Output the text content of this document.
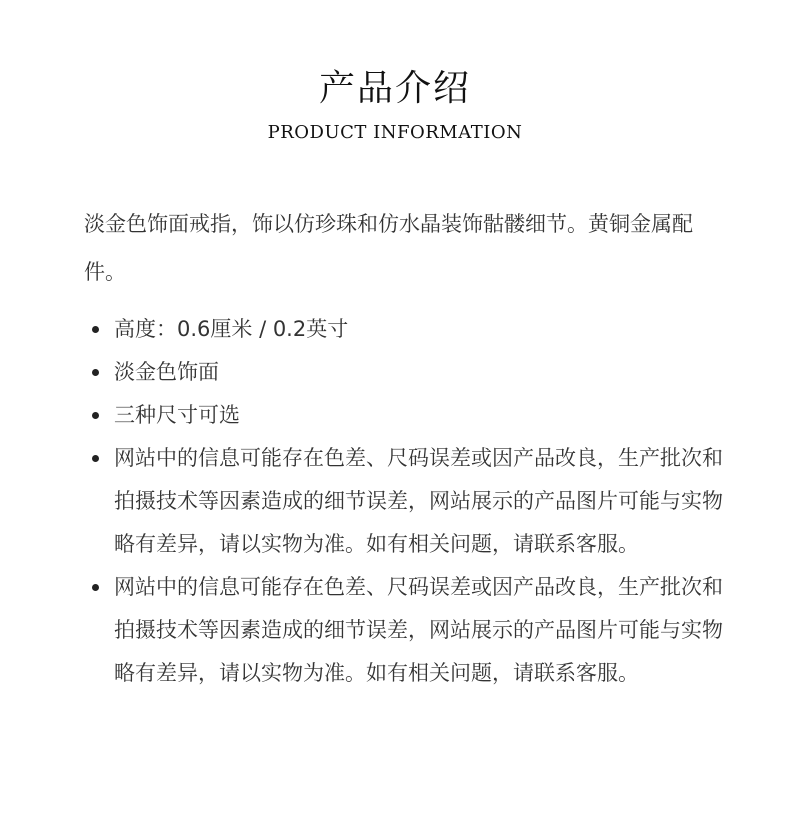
产品介绍
PRODUCT INFORMATION

淡金色饰面戒指，饰以仿珍珠和仿水晶装饰骷髅细节。黄铜金属配件。

高度：0.6厘米 / 0.2英寸
淡金色饰面
三种尺寸可选
网站中的信息可能存在色差、尺码误差或因产品改良，生产批次和拍摄技术等因素造成的细节误差，网站展示的产品图片可能与实物略有差异，请以实物为准。如有相关问题，请联系客服。
网站中的信息可能存在色差、尺码误差或因产品改良，生产批次和拍摄技术等因素造成的细节误差，网站展示的产品图片可能与实物略有差异，请以实物为准。如有相关问题，请联系客服。
